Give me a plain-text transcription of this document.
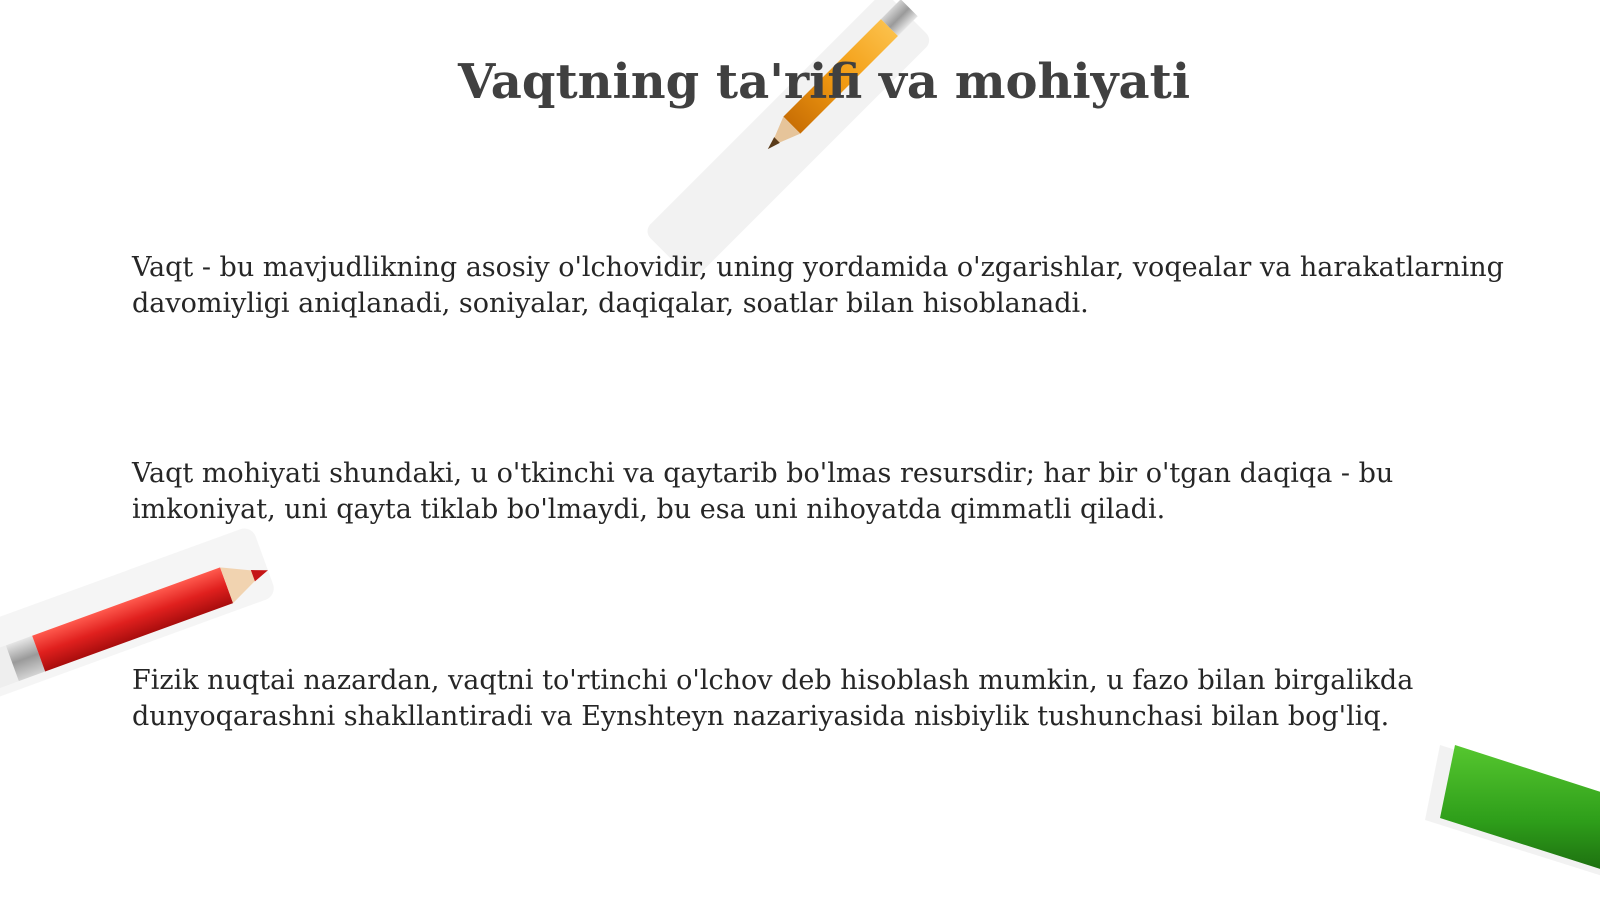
Vaqtning ta'rifi va mohiyati

Vaqt - bu mavjudlikning asosiy o'lchovidir, uning yordamida o'zgarishlar, voqealar va harakatlarning davomiyligi aniqlanadi, soniyalar, daqiqalar, soatlar bilan hisoblanadi.

Vaqt mohiyati shundaki, u o'tkinchi va qaytarib bo'lmas resursdir; har bir o'tgan daqiqa - bu imkoniyat, uni qayta tiklab bo'lmaydi, bu esa uni nihoyatda qimmatli qiladi.

Fizik nuqtai nazardan, vaqtni to'rtinchi o'lchov deb hisoblash mumkin, u fazo bilan birgalikda dunyoqarashni shakllantiradi va Eynshteyn nazariyasida nisbiylik tushunchasi bilan bog'liq.
